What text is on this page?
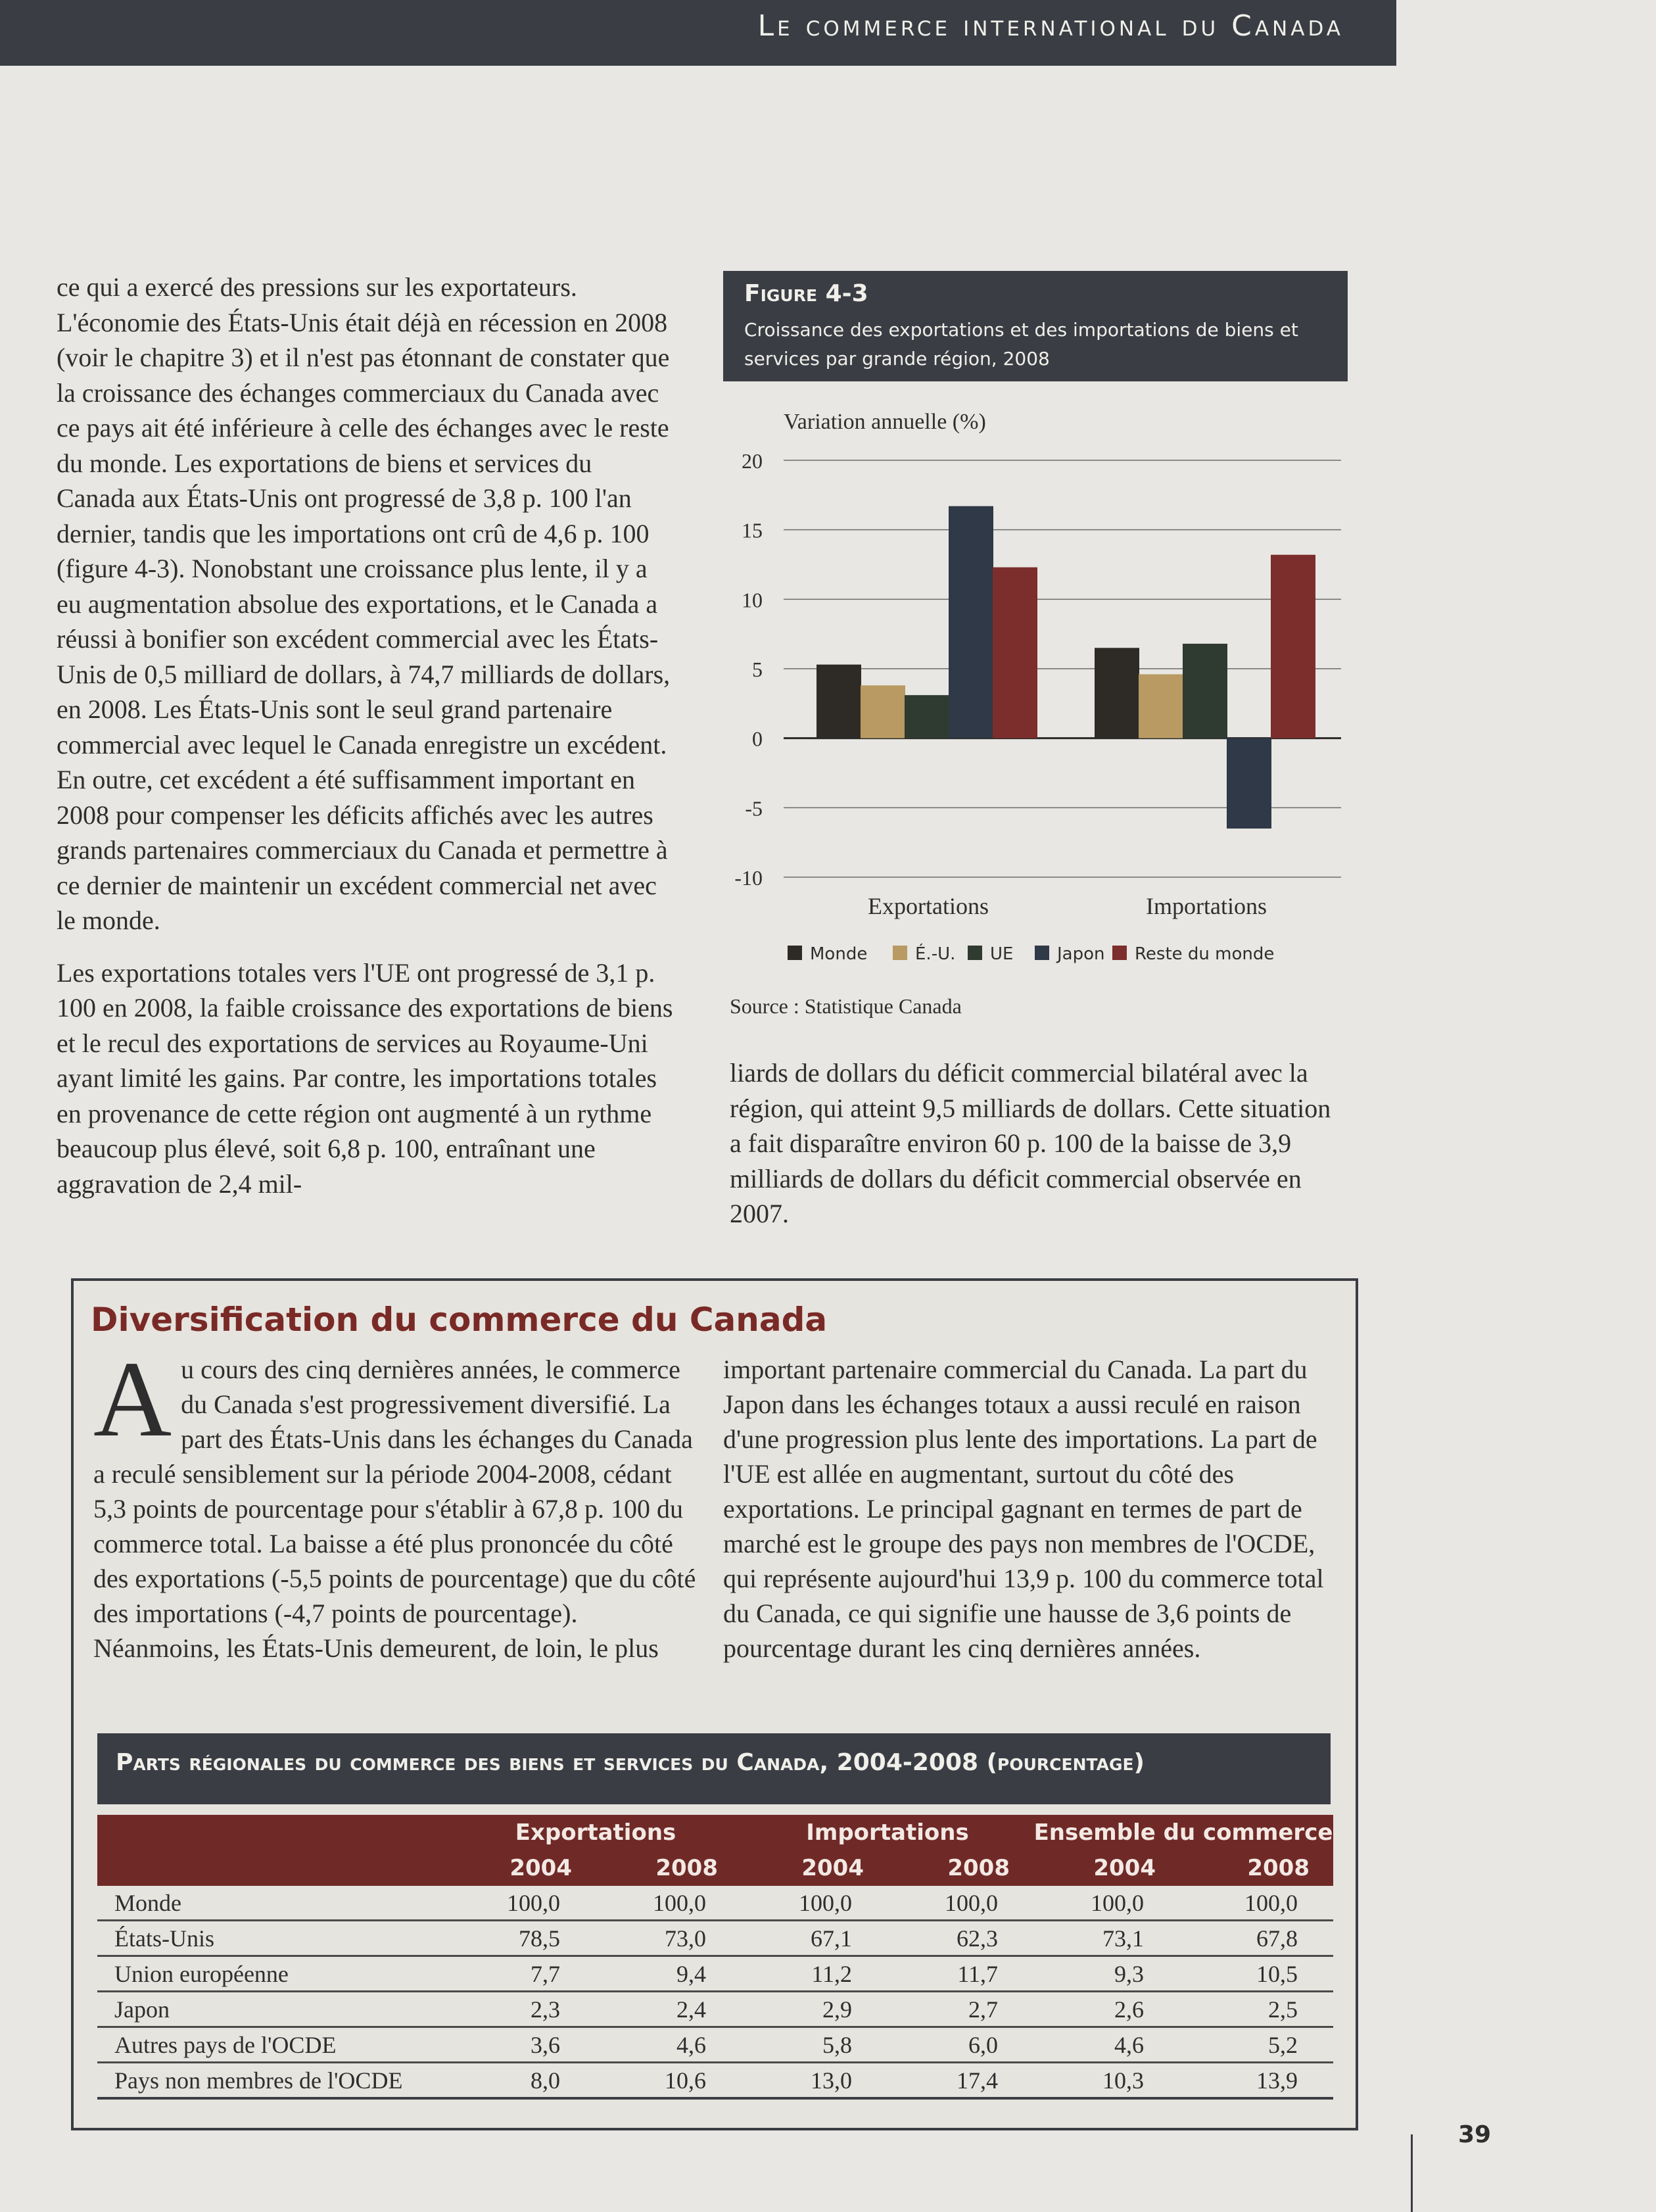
Le commerce international du Canada

ce qui a exercé des pressions sur les exportateurs. L'économie des États-Unis était déjà en récession en 2008 (voir le chapitre 3) et il n'est pas étonnant de constater que la croissance des échanges commerciaux du Canada avec ce pays ait été inférieure à celle des échanges avec le reste du monde. Les exportations de biens et services du Canada aux États-Unis ont progressé de 3,8 p. 100 l'an dernier, tandis que les importations ont crû de 4,6 p. 100 (figure 4-3). Nonobstant une croissance plus lente, il y a eu augmentation absolue des exportations, et le Canada a réussi à bonifier son excédent commercial avec les États-Unis de 0,5 milliard de dollars, à 74,7 milliards de dollars, en 2008. Les États-Unis sont le seul grand partenaire commercial avec lequel le Canada enregistre un excédent. En outre, cet excédent a été suffisamment important en 2008 pour compenser les déficits affichés avec les autres grands partenaires commerciaux du Canada et permettre à ce dernier de maintenir un excédent commercial net avec le monde.

Les exportations totales vers l'UE ont progressé de 3,1 p. 100 en 2008, la faible croissance des exportations de biens et le recul des exportations de services au Royaume-Uni ayant limité les gains. Par contre, les importations totales en provenance de cette région ont augmenté à un rythme beaucoup plus élevé, soit 6,8 p. 100, entraînant une aggravation de 2,4 mil-

Figure 4-3
Croissance des exportations et des importations de biens et services par grande région, 2008
Variation annuelle (%)
20
15
10
5
0
-5
-10
Exportations	Importations
Monde	É.-U. UE	Japon Reste du monde
Source : Statistique Canada

liards de dollars du déficit commercial bilatéral avec la région, qui atteint 9,5 milliards de dollars. Cette situation a fait disparaître environ 60 p. 100 de la baisse de 3,9 milliards de dollars du déficit commercial observée en 2007.

Diversification du commerce du Canada

Au cours des cinq dernières années, le commerce du Canada s'est progressivement diversifié. La part des États-Unis dans les échanges du Canada a reculé sensiblement sur la période 2004-2008, cédant 5,3 points de pourcentage pour s'établir à 67,8 p. 100 du commerce total. La baisse a été plus prononcée du côté des exportations (-5,5 points de pourcentage) que du côté des importations (-4,7 points de pourcentage). Néanmoins, les États-Unis demeurent, de loin, le plus

important partenaire commercial du Canada. La part du Japon dans les échanges totaux a aussi reculé en raison d'une progression plus lente des importations. La part de l'UE est allée en augmentant, surtout du côté des exportations. Le principal gagnant en termes de part de marché est le groupe des pays non membres de l'OCDE, qui représente aujourd'hui 13,9 p. 100 du commerce total du Canada, ce qui signifie une hausse de 3,6 points de pourcentage durant les cinq dernières années.

Parts régionales du commerce des biens et services du Canada, 2004-2008 (pourcentage)
	Exportations		Importations		Ensemble du commerce	
	2004	2008	2004	2008	2004	2008
Monde	100,0	100,0	100,0	100,0	100,0	100,0
États-Unis	78,5	73,0	67,1	62,3	73,1	67,8
Union européenne	7,7	9,4	11,2	11,7	9,3	10,5
Japon	2,3	2,4	2,9	2,7	2,6	2,5
Autres pays de l'OCDE	3,6	4,6	5,8	6,0	4,6	5,2
Pays non membres de l'OCDE	8,0	10,6	13,0	17,4	10,3	13,9
39
